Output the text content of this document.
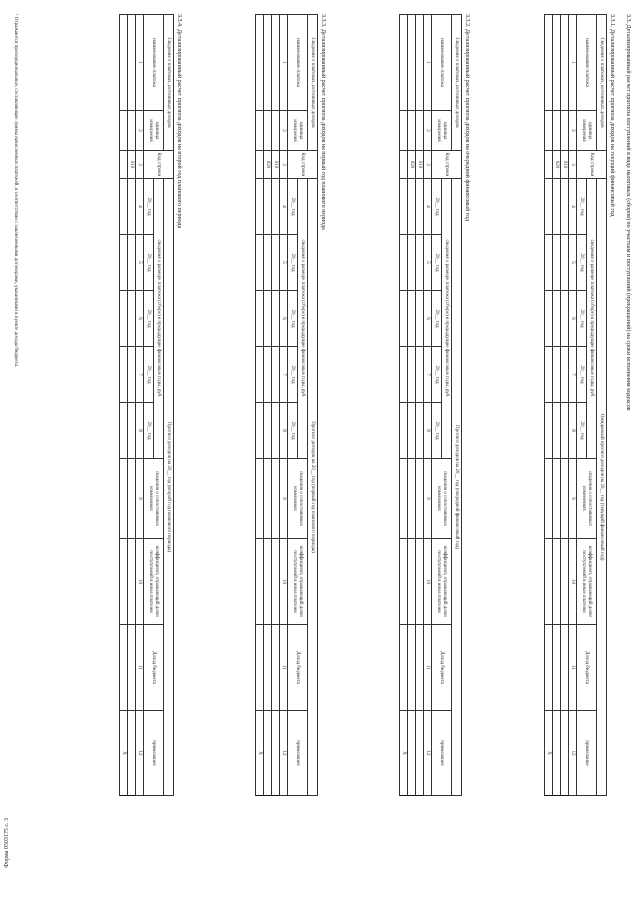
Форма 0503175 с. 3
3.3. Детализированный расчет прогноза поступлений в виде налоговых (сборов) по участкам и поступлений (прекращений) на сроки исполнения кодексов
3.3.1. Детализированный расчет прогноза доходов на текущий финансовый год
Сведения о платежах, источниках доходов		Код строки	Ожидаемый прогноз доходов на 20__ год (текущий финансовый год)								
наименование платежа	единица измерения		сведения о размере платежа (сборе) в предыдущие финансовые годы, руб.					сведения о сопоставимых изменениях	коэффициент, отражающий долю поступлений в иные платежи	Доход бюджета	примечание
			20__ год	20__ год	20__ год	20__ год	20__ год				
1	2	3	4	5	6	7	8	9	10	11	12
		010									
		020									
											X
3.3.2. Детализированный расчет прогноза доходов на очередной финансовый год
Сведения о платежах, источниках доходов		Код строки	Прогноз доходов на 20__ год (очередной финансовый год)								
наименование платежа	единица измерения		сведения о размере платежа (сборе) в предыдущие финансовые годы, руб.					сведения о сопоставимых изменениях	коэффициент, отражающий долю поступлений в иные платежи	Доход бюджета	примечание
			20__ год	20__ год	20__ год	20__ год	20__ год				
1	2	3	4	5	6	7	8	9	10	11	12
		010									
		020									
											X
3.3.3. Детализированный расчет прогноза доходов на первый год планового периода
Сведения о платежах, источниках доходов		Код строки	Прогноз доходов на 20__ год (первый год планового периода)								
наименование платежа	единица измерения		сведения о размере платежа (сборе) в предыдущие финансовые годы, руб.					сведения о сопоставимых изменениях	коэффициент, отражающий долю поступлений в иные платежи	Доход бюджета	примечание
			20__ год	20__ год	20__ год	20__ год	20__ год				
1	2	3	4	5	6	7	8	9	10	11	12
		010									
		020									
											X
3.3.4. Детализированный расчет прогноза доходов на второй год планового периода
Сведения о платежах, источниках доходов		Код строки	Прогноз доходов на 20__ год (второй год планового периода)								
наименование платежа	единица измерения		сведения о размере платежа (сборе) в предыдущие финансовые годы, руб.					сведения о сопоставимых изменениях	коэффициент, отражающий долю поступлений в иные платежи	Доход бюджета	примечание
			20__ год	20__ год	20__ год	20__ год	20__ год				
1	2	3	4	5	6	7	8	9	10	11	12
		010									
											X
¹ Отражаются пропорциональные, составляющие суммы начисленных платежей, в соответствии с заключенными договорами, указанными в пункте дохода бюджета.
